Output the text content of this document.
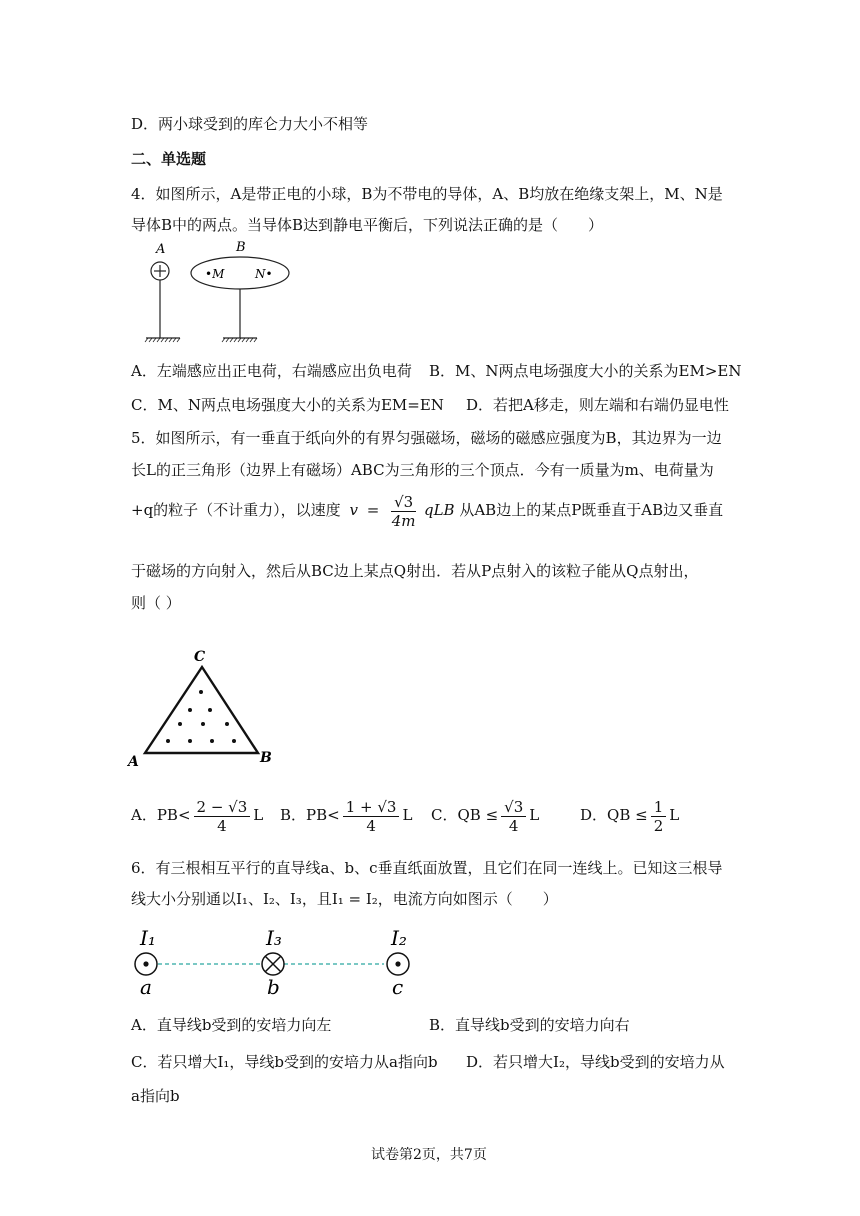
D．两小球受到的库仑力大小不相等
二、单选题
4．如图所示，A是带正电的小球，B为不带电的导体，A、B均放在绝缘支架上，M、N是
导体B中的两点。当导体B达到静电平衡后，下列说法正确的是（　　）
A	B
•M	N•
A．左端感应出正电荷，右端感应出负电荷 B．M、N两点电场强度大小的关系为EM>EN
C．M、N两点电场强度大小的关系为EM=EN D．若把A移走，则左端和右端仍显电性
5．如图所示，有一垂直于纸向外的有界匀强磁场，磁场的磁感应强度为B，其边界为一边
长L的正三角形（边界上有磁场）ABC为三角形的三个顶点．今有一质量为m、电荷量为
+q的粒子（不计重力），以速度 $v = \frac{√3}{4m}$ qLB 从AB边上的某点P既垂直于AB边又垂直
于磁场的方向射入，然后从BC边上某点Q射出．若从P点射入的该粒子能从Q点射出，
则（ ）
C
A	B
A．$PB< \frac{2 - √3}{4}$ L B．$PB< \frac{1 + √3}{4}$ L C．QB ≤ $\frac{√3}{4}$ L	D．QB ≤ $\frac{1}{2}$ L
6．有三根相互平行的直导线a、b、c垂直纸面放置，且它们在同一连线上。已知这三根导
线大小分别通以I₁、I₂、I₃，且I₁ = I₂，电流方向如图示（　　）
I₁	I₃	I₂
a	b	c
A．直导线b受到的安培力向左	B．直导线b受到的安培力向右
C．若只增大I₁，导线b受到的安培力从a指向b D．若只增大I₂，导线b受到的安培力从
a指向b
试卷第2页，共7页
